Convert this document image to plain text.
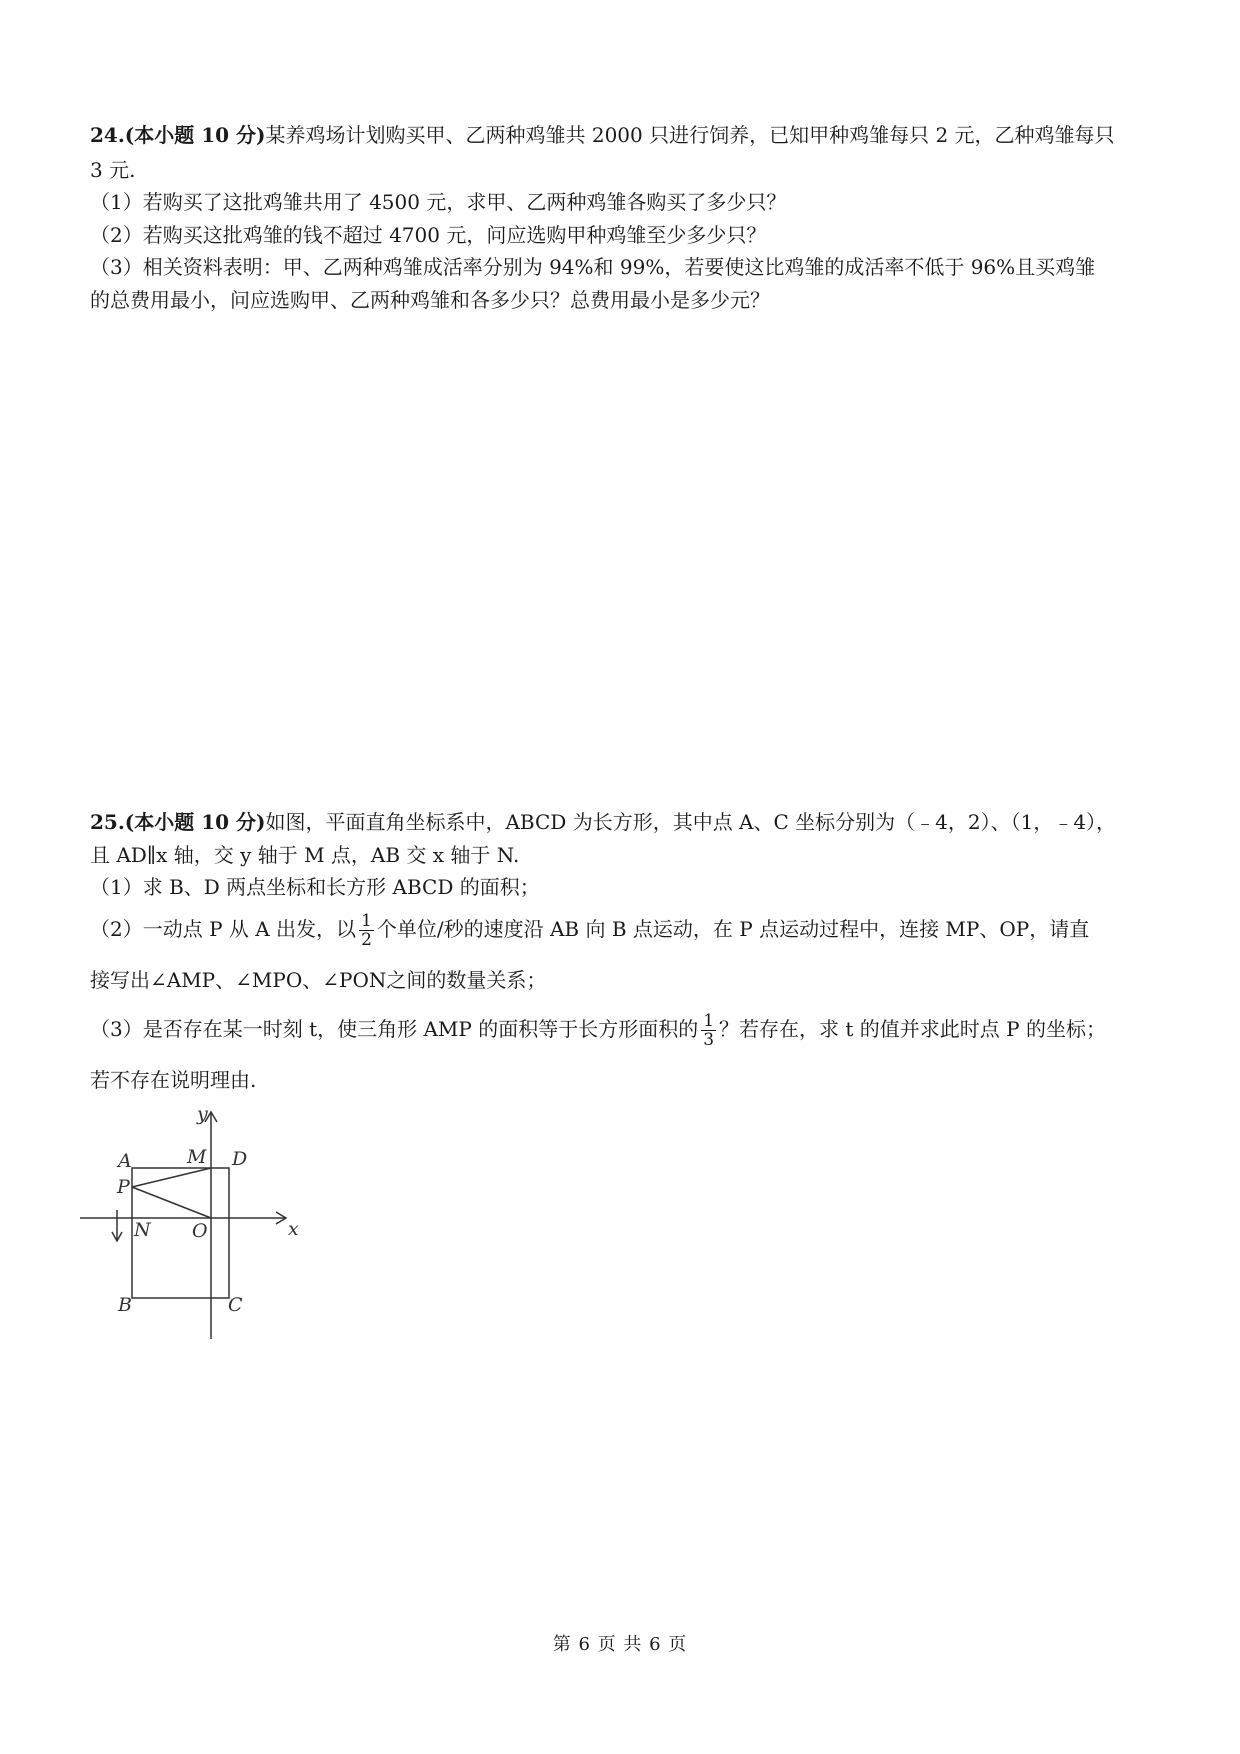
24.(本小题 10 分)某养鸡场计划购买甲、乙两种鸡雏共 2000 只进行饲养，已知甲种鸡雏每只 2 元，乙种鸡雏每只
3 元.
（1）若购买了这批鸡雏共用了 4500 元，求甲、乙两种鸡雏各购买了多少只？
（2）若购买这批鸡雏的钱不超过 4700 元，问应选购甲种鸡雏至少多少只？
（3）相关资料表明：甲、乙两种鸡雏成活率分别为 94%和 99%，若要使这比鸡雏的成活率不低于 96%且买鸡雏
的总费用最小，问应选购甲、乙两种鸡雏和各多少只？总费用最小是多少元？
25.(本小题 10 分)如图，平面直角坐标系中，ABCD 为长方形，其中点 A、C 坐标分别为（﹣4，2）、（1，﹣4），
且 AD∥x 轴，交 y 轴于 M 点，AB 交 x 轴于 N.
（1）求 B、D 两点坐标和长方形 ABCD 的面积；
（2）一动点 P 从 A 出发，以 $\frac{1}{2}$ 个单位/秒的速度沿 AB 向 B 点运动，在 P 点运动过程中，连接 MP、OP，请直
接写出∠AMP、∠MPO、∠PON之间的数量关系；
（3）是否存在某一时刻 t，使三角形 AMP 的面积等于长方形面积的 $\frac{1}{3}$ ？若存在，求 t 的值并求此时点 P 的坐标；
若不存在说明理由.
y
x
A	M D
P
N O
B	C
第 6 页 共 6 页
